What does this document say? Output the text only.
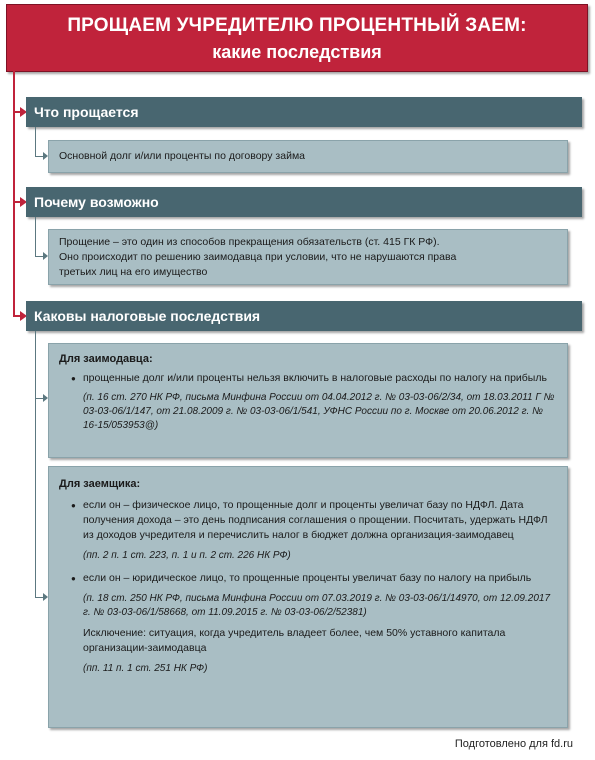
ПРОЩАЕМ УЧРЕДИТЕЛЮ ПРОЦЕНТНЫЙ ЗАЕМ:
какие последствия
Что прощается
Основной долг и/или проценты по договору займа
Почему возможно
Прощение – это один из способов прекращения обязательств (ст. 415 ГК РФ).
Оно происходит по решению заимодавца при условии, что не нарушаются права
третьих лиц на его имущество
Каковы налоговые последствия
Для заимодавца:
● прощенные долг и/или проценты нельзя включить в налоговые расходы по налогу на прибыль
(п. 16 ст. 270 НК РФ, письма Минфина России от 04.04.2012 г. № 03-03-06/2/34, от 18.03.2011 Г № 03-03-06/1/147, от 21.08.2009 г. № 03-03-06/1/541, УФНС России по г. Москве от 20.06.2012 г. № 16-15/053953@)
Для заемщика:
● если он – физическое лицо, то прощенные долг и проценты увеличат базу по НДФЛ. Дата получения дохода – это день подписания соглашения о прощении. Посчитать, удержать НДФЛ из доходов учредителя и перечислить налог в бюджет должна организация-заимодавец
(пп. 2 п. 1 ст. 223, п. 1 и п. 2 ст. 226 НК РФ)
● если он – юридическое лицо, то прощенные проценты увеличат базу по налогу на прибыль
(п. 18 ст. 250 НК РФ, письма Минфина России от 07.03.2019 г. № 03-03-06/1/14970, от 12.09.2017 г. № 03-03-06/1/58668, от 11.09.2015 г. № 03-03-06/2/52381)
Исключение: ситуация, когда учредитель владеет более, чем 50% уставного капитала организации-заимодавца
(пп. 11 п. 1 ст. 251 НК РФ)
Подготовлено для fd.ru
